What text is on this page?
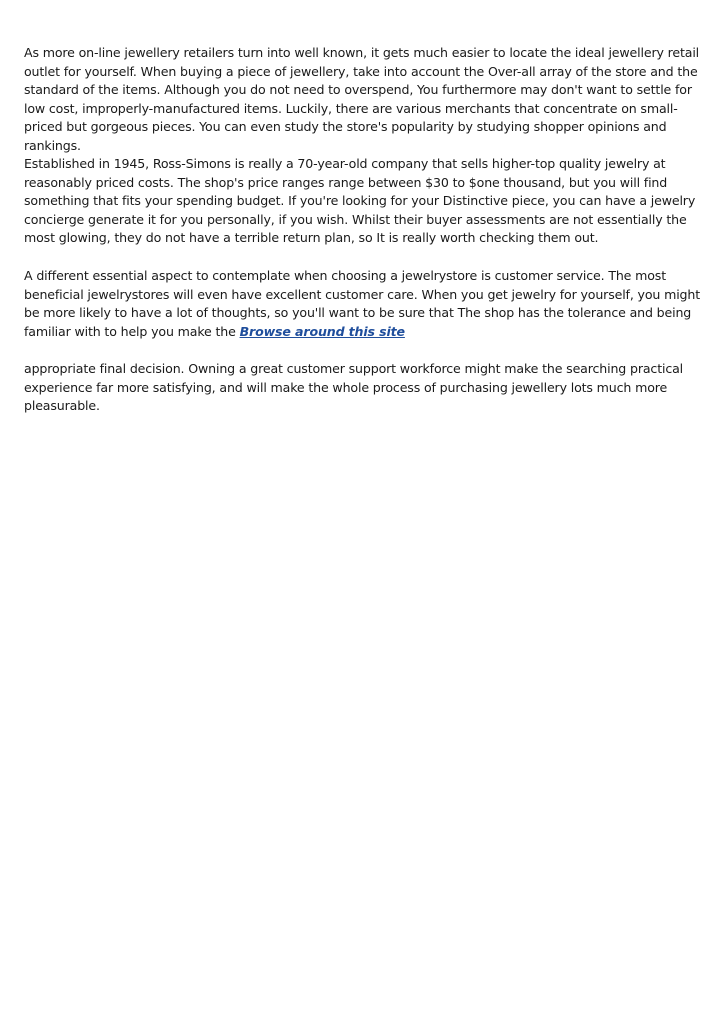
As more on-line jewellery retailers turn into well known, it gets much easier to locate the ideal jewellery retail outlet for yourself. When buying a piece of jewellery, take into account the Over-all array of the store and the standard of the items. Although you do not need to overspend, You furthermore may don't want to settle for low cost, improperly-manufactured items. Luckily, there are various merchants that concentrate on small-priced but gorgeous pieces. You can even study the store's popularity by studying shopper opinions and rankings.

Established in 1945, Ross-Simons is really a 70-year-old company that sells higher-top quality jewelry at reasonably priced costs. The shop's price ranges range between $30 to $one thousand, but you will find something that fits your spending budget. If you're looking for your Distinctive piece, you can have a jewelry concierge generate it for you personally, if you wish. Whilst their buyer assessments are not essentially the most glowing, they do not have a terrible return plan, so It is really worth checking them out.

A different essential aspect to contemplate when choosing a jewelrystore is customer service. The most beneficial jewelrystores will even have excellent customer care. When you get jewelry for yourself, you might be more likely to have a lot of thoughts, so you'll want to be sure that The shop has the tolerance and being familiar with to help you make the Browse around this site

appropriate final decision. Owning a great customer support workforce might make the searching practical experience far more satisfying, and will make the whole process of purchasing jewellery lots much more pleasurable.
